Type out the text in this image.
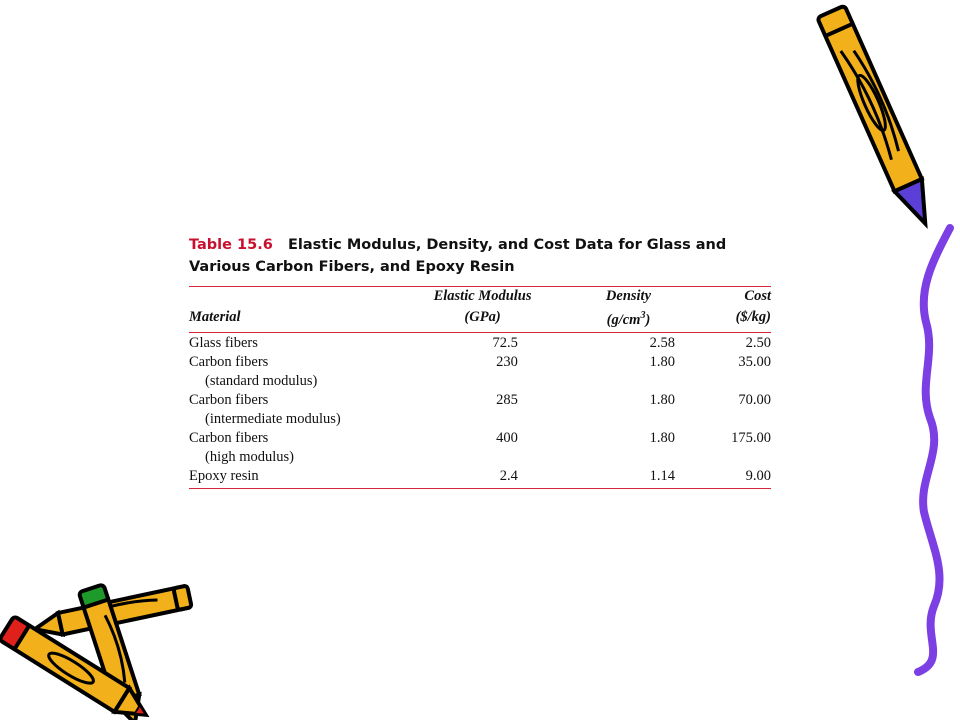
Table 15.6 Elastic Modulus, Density, and Cost Data for Glass and Various Carbon Fibers, and Epoxy Resin
	Elastic Modulus	Density	Cost
Material	(GPa)	$(g/cm^3)$	($/kg)
Glass fibers	72.5	2.58	2.50
Carbon fibers	230	1.80	35.00
(standard modulus)			
Carbon fibers	285	1.80	70.00
(intermediate modulus)			
Carbon fibers	400	1.80	175.00
(high modulus)			
Epoxy resin	2.4	1.14	9.00
